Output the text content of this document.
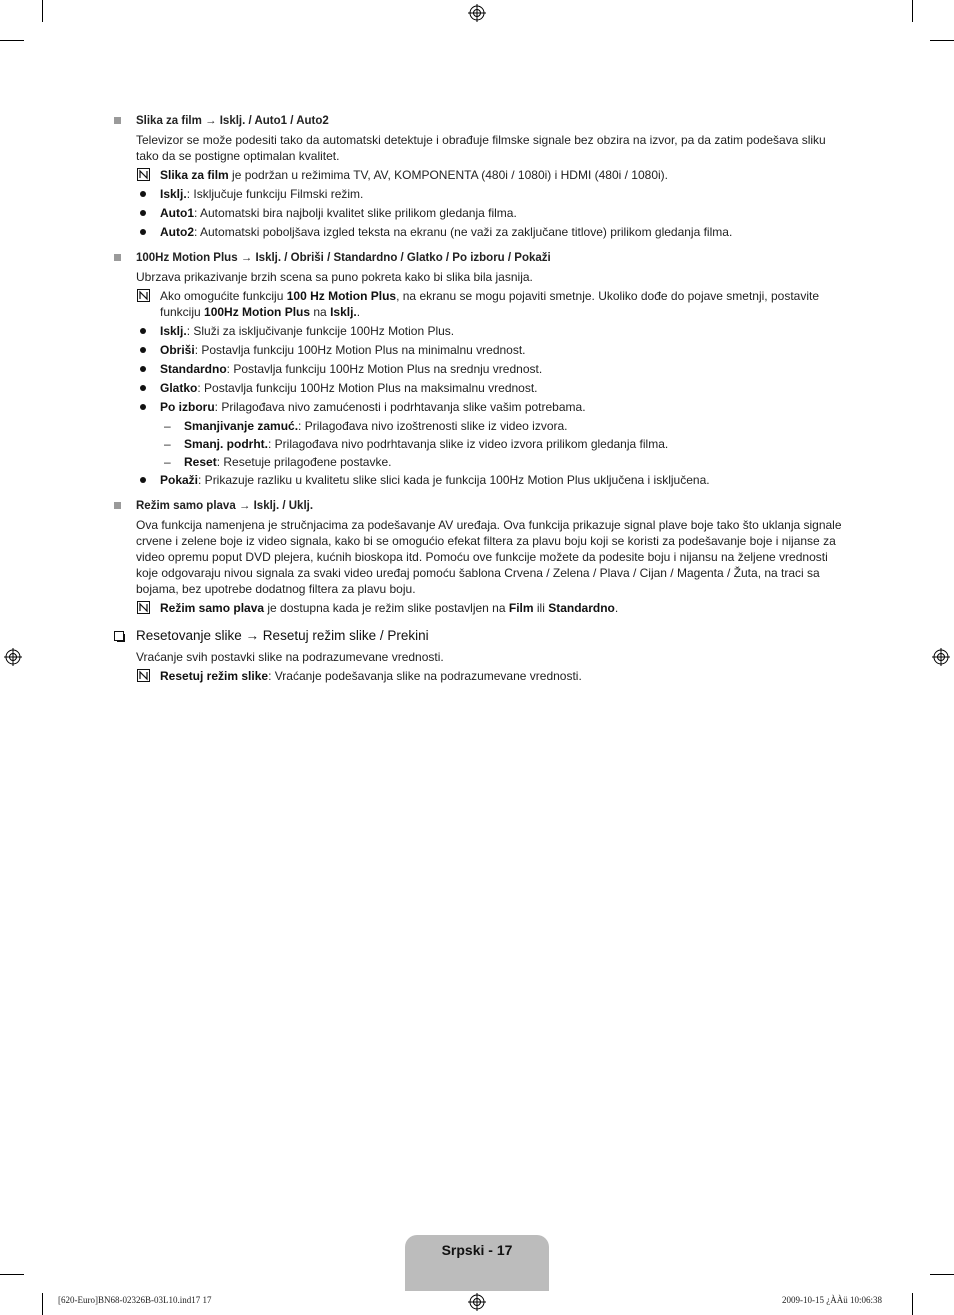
Slika za film → Isklj. / Auto1 / Auto2
Televizor se može podesiti tako da automatski detektuje i obrađuje filmske signale bez obzira na izvor, pa da zatim podešava sliku tako da se postigne optimalan kvalitet.
Slika za film je podržan u režimima TV, AV, KOMPONENTA (480i / 1080i) i HDMI (480i / 1080i).
Isklj.: Isključuje funkciju Filmski režim.
Auto1: Automatski bira najbolji kvalitet slike prilikom gledanja filma.
Auto2: Automatski poboljšava izgled teksta na ekranu (ne važi za zaključane titlove) prilikom gledanja filma.
100Hz Motion Plus → Isklj. / Obriši / Standardno / Glatko / Po izboru / Pokaži
Ubrzava prikazivanje brzih scena sa puno pokreta kako bi slika bila jasnija.
Ako omogućite funkciju 100 Hz Motion Plus, na ekranu se mogu pojaviti smetnje. Ukoliko dođe do pojave smetnji, postavite funkciju 100Hz Motion Plus na Isklj..
Isklj.: Služi za isključivanje funkcije 100Hz Motion Plus.
Obriši: Postavlja funkciju 100Hz Motion Plus na minimalnu vrednost.
Standardno: Postavlja funkciju 100Hz Motion Plus na srednju vrednost.
Glatko: Postavlja funkciju 100Hz Motion Plus na maksimalnu vrednost.
Po izboru: Prilagođava nivo zamućenosti i podrhtavanja slike vašim potrebama.
– Smanjivanje zamuć.: Prilagođava nivo izoštrenosti slike iz video izvora.
– Smanj. podrht.: Prilagođava nivo podrhtavanja slike iz video izvora prilikom gledanja filma.
– Reset: Resetuje prilagođene postavke.
Pokaži: Prikazuje razliku u kvalitetu slike slici kada je funkcija 100Hz Motion Plus uključena i isključena.
Režim samo plava → Isklj. / Uklj.
Ova funkcija namenjena je stručnjacima za podešavanje AV uređaja. Ova funkcija prikazuje signal plave boje tako što uklanja signale crvene i zelene boje iz video signala, kako bi se omogućio efekat filtera za plavu boju koji se koristi za podešavanje boje i nijanse za video opremu poput DVD plejera, kućnih bioskopa itd. Pomoću ove funkcije možete da podesite boju i nijansu na željene vrednosti koje odgovaraju nivou signala za svaki video uređaj pomoću šablona Crvena / Zelena / Plava / Cijan / Magenta / Žuta, na traci sa bojama, bez upotrebe dodatnog filtera za plavu boju.
Režim samo plava je dostupna kada je režim slike postavljen na Film ili Standardno.
Resetovanje slike → Resetuj režim slike / Prekini
Vraćanje svih postavki slike na podrazumevane vrednosti.
Resetuj režim slike: Vraćanje podešavanja slike na podrazumevane vrednosti.
Srpski - 17
[620-Euro]BN68-02326B-03L10.ind17 17	2009-10-15 ¿ÀÀü 10:06:38
